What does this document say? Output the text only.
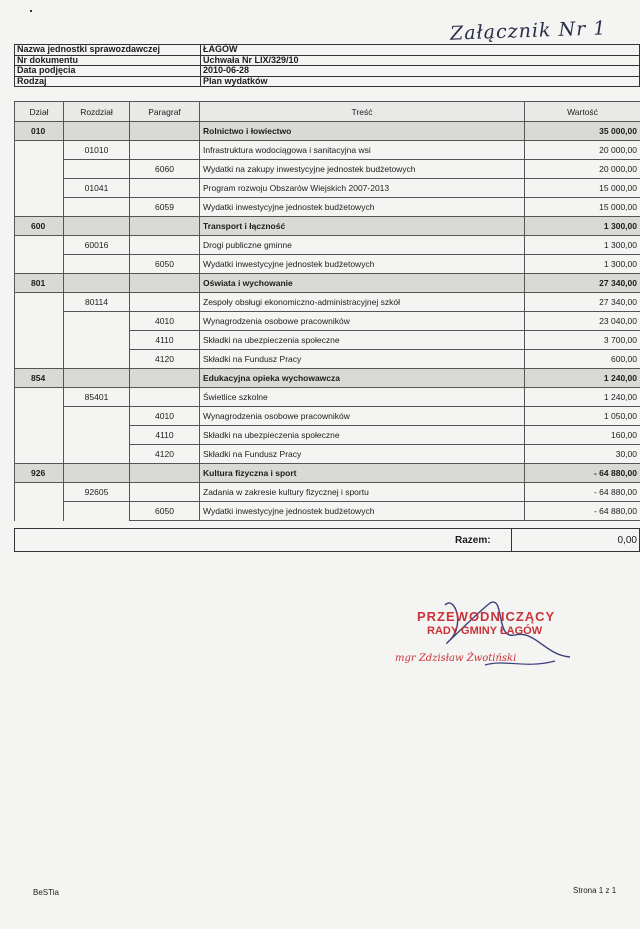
Załącznik Nr 1
Nazwa jednostki sprawozdawczej	ŁAGÓW
Nr dokumentu	Uchwała Nr LIX/329/10
Data podjęcia	2010-06-28
Rodzaj	Plan wydatków
Dział	Rozdział	Paragraf	Treść	Wartość
010			Rolnictwo i łowiectwo	35 000,00
	01010		Infrastruktura wodociągowa i sanitacyjna wsi	20 000,00
		6060	Wydatki na zakupy inwestycyjne jednostek budżetowych	20 000,00
	01041		Program rozwoju Obszarów Wiejskich 2007-2013	15 000,00
		6059	Wydatki inwestycyjne jednostek budżetowych	15 000,00
600			Transport i łączność	1 300,00
	60016		Drogi publiczne gminne	1 300,00
		6050	Wydatki inwestycyjne jednostek budżetowych	1 300,00
801			Oświata i wychowanie	27 340,00
	80114		Zespoły obsługi ekonomiczno-administracyjnej szkół	27 340,00
		4010	Wynagrodzenia osobowe pracowników	23 040,00
		4110	Składki na ubezpieczenia społeczne	3 700,00
		4120	Składki na Fundusz Pracy	600,00
854			Edukacyjna opieka wychowawcza	1 240,00
	85401		Świetlice szkolne	1 240,00
		4010	Wynagrodzenia osobowe pracowników	1 050,00
		4110	Składki na ubezpieczenia społeczne	160,00
		4120	Składki na Fundusz Pracy	30,00
926			Kultura fizyczna i sport	- 64 880,00
	92605		Zadania w zakresie kultury fizycznej i sportu	- 64 880,00
		6050	Wydatki inwestycyjne jednostek budżetowych	- 64 880,00
Razem:	0,00
PRZEWODNICZĄCY
RADY GMINY ŁAGÓW
mgr Zdzisław Żwotiński
BeSTia	Strona 1 z 1
